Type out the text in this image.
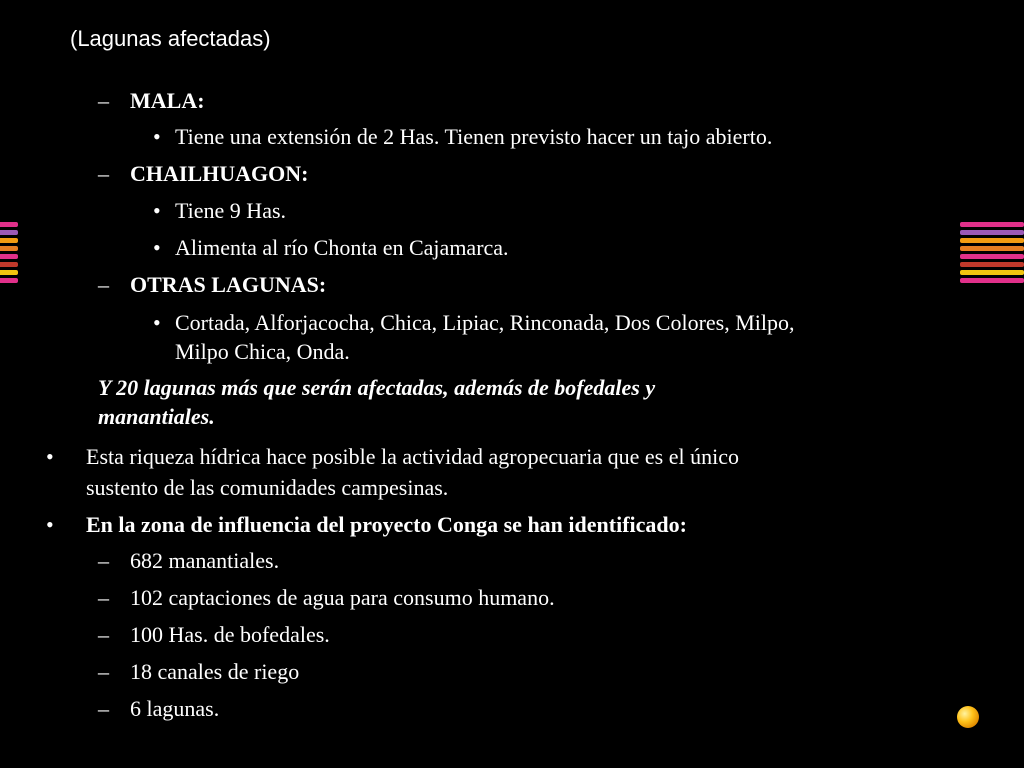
(Lagunas afectadas)
– MALA:
• Tiene una extensión de 2 Has. Tienen previsto hacer un tajo abierto.
– CHAILHUAGON:
• Tiene 9 Has.
• Alimenta al río Chonta en Cajamarca.
– OTRAS LAGUNAS:
• Cortada, Alforjacocha, Chica, Lipiac, Rinconada, Dos Colores, Milpo,
Milpo Chica, Onda.
Y 20 lagunas más que serán afectadas, además de bofedales y
manantiales.
• Esta riqueza hídrica hace posible la actividad agropecuaria que es el único
sustento de las comunidades campesinas.
• En la zona de influencia del proyecto Conga se han identificado:
– 682 manantiales.
– 102 captaciones de agua para consumo humano.
– 100 Has. de bofedales.
– 18 canales de riego
– 6 lagunas.
